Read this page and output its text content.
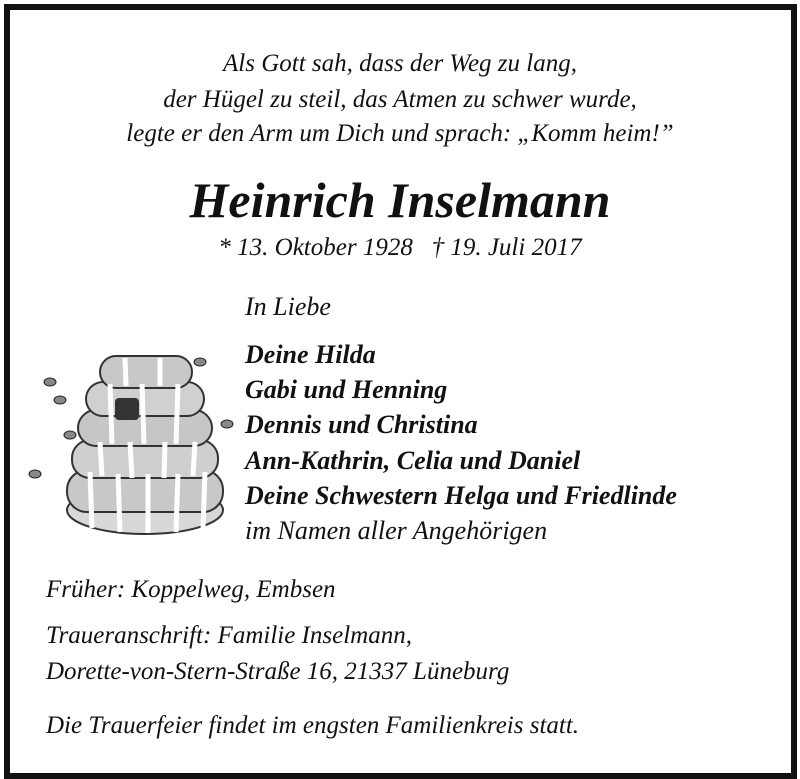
Als Gott sah, dass der Weg zu lang,
der Hügel zu steil, das Atmen zu schwer wurde,
legte er den Arm um Dich und sprach: „Komm heim!”
Heinrich Inselmann
* 13. Oktober 1928   † 19. Juli 2017
In Liebe
Deine Hilda
Gabi und Henning
Dennis und Christina
Ann-Kathrin, Celia und Daniel
Deine Schwestern Helga und Friedlinde
im Namen aller Angehörigen
Früher: Koppelweg, Embsen
Traueranschrift: Familie Inselmann,
Dorette-von-Stern-Straße 16, 21337 Lüneburg
Die Trauerfeier findet im engsten Familienkreis statt.
